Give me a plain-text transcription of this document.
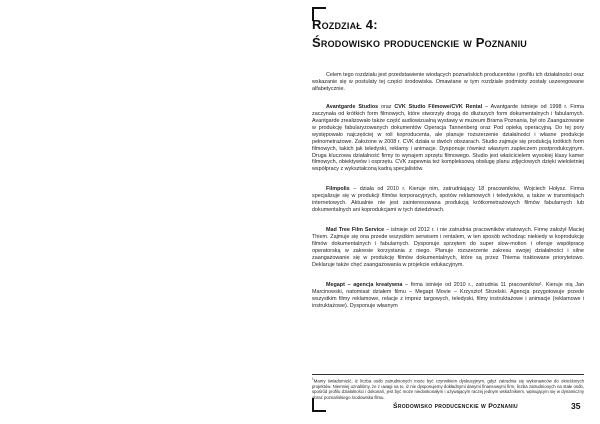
Rozdział 4:
Środowisko producenckie w Poznaniu

Celem tego rozdziału jest przedstawienie wiodących poznańskich producentów i profilu ich działalności oraz wskazanie się w postulaty tej części środowiska. Omawiane w tym rozdziale podmioty zostały uszeregowane alfabetycznie.

Avantgarde Studios oraz CVK Studio Filmowe/CVK Rental – Avantgarde istnieje od 1998 r. Firma zaczynała od krótkich form filmowych, które stworzyły drogą do dłuższych form dokumentalnych i fabularnych. Avantgarde zrealizowało także część audiowizualną wystawy w muzeum Brama Poznania, był oto Zaangażowane w produkcję fabularyzowanych dokumentów Operacja Tannenberg oraz Pod opieką operacyjną. Do tej pory występowało najczęściej w roli koproducenta, ale planuje rozszerzenie działalności i własne produkcje pełnometrażowe. Założone w 2008 r. CVK działa w dwóch obszarach. Studio zajmuje się produkcją krótkich form filmowych, takich jak teledyski, reklamy i animacje. Dysponuje również własnym zapleczem postprodukcyjnym. Druga kluczowa działalność firmy to wynajem sprzętu filmowego. Studio jest właścicielem wysokiej klasy kamer filmowych, obiektywów i osprzętu. CVK zapewnia też kompleksową obsługę planu zdjęciowych dzięki wieloletniej współpracy z wykształconą kadrą specjalistów.

Filmpolis – działa od 2010 r. Kieruje nim, zatrudniający 18 pracowników, Wojciech Hołysz. Firma specjalizuje się w produkcji filmów korporacyjnych, spotów reklamowych i teledysków, a także w transmisjach internetowych. Aktualnie nie jest zainteresowana produkcją krótkometrażowych filmów fabularnych lub dokumentalnych ani koprodukcjami w tych dziedzinach.

Mad Tree Film Service – istnieje od 2012 r. i nie zatrudnia pracowników etatowych. Firmę założył Maciej Thiem. Zajmuje się ona przede wszystkim serwisem i rentalem, w ten sposób wchodząc niekiedy w koprodukcję filmów dokumentalnych i fabularnych. Dysponuje sprzętem do super slow-motion i oferuje współpracę operatorską w zakresie korzystania z niego. Planuje rozszerzenie zakresu swojej działalności i silne zaangażowanie się w produkcję filmów dokumentalnych, które są przez Thiema traktowane priorytetowo. Deklaruje także chęć zaangażowania w projekcie edukacyjnym.

Megapt – agencja kreatywna – firma istnieje od 2010 r., zatrudnia 11 pracowników¹. Kieruje nią Jan Marcinowski, natomiast działem filmu – Megapt Movie – Krzysztof Strzelski. Agencja przygotowuje przede wszystkim filmy reklamowe, relacje z imprez targowych, teledyski, filmy instruktażowe i animacje (reklamowe i instruktażowe). Dysponuje własnym

$^1$Mamy świadomość, iż liczba osób zatrudnionych może być czynnikiem dyskusyjnym, gdyż zatrudnia się wykonawców do określonych projektów. Niemniej uznaliśmy, że z uwagi na to, iż nie dysponujemy dokładnymi danymi finansowymi firm, liczba zatrudnionych na stałe osób, spośród profilu działalności i dokonań, jest być może niedoskonałym i używającym raczej jednym wskaźnikiem, wpisującym się w dynamiczny obraz poznańskiego środowiska filmu.

Środowisko producenckie w Poznaniu	35
